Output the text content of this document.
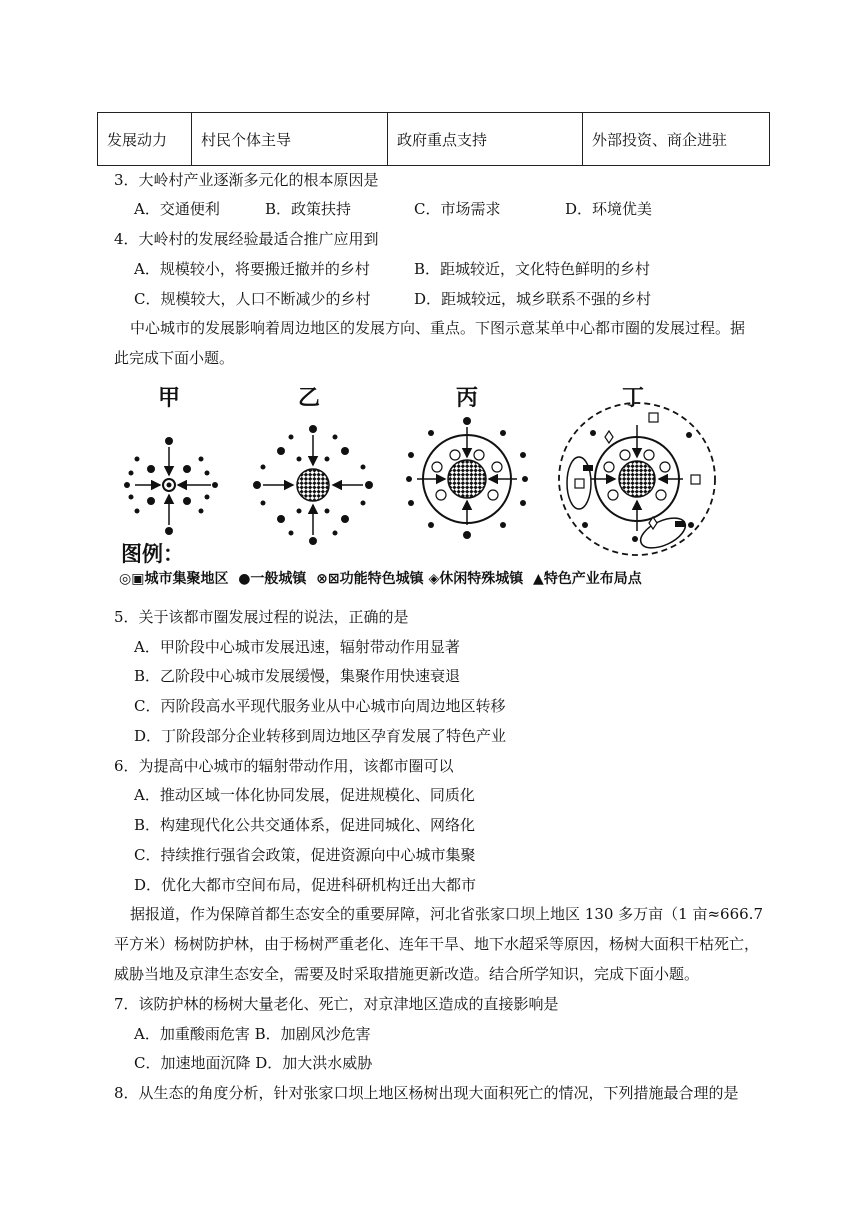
发展动力	村民个体主导	政府重点支持	外部投资、商企进驻
3．大岭村产业逐渐多元化的根本原因是
A．交通便利	B．政策扶持	C．市场需求	D．环境优美
4．大岭村的发展经验最适合推广应用到
A．规模较小，将要搬迁撤并的乡村	B．距城较近，文化特色鲜明的乡村
C．规模较大，人口不断减少的乡村	D．距城较远，城乡联系不强的乡村
中心城市的发展影响着周边地区的发展方向、重点。下图示意某单中心都市圈的发展过程。据
此完成下面小题。
甲	乙	丙	丁
图例：
◎▣城市集聚地区  ●一般城镇  ⊗⊠功能特色城镇 ◈休闲特殊城镇  ▲特色产业布局点
5．关于该都市圈发展过程的说法，正确的是
A．甲阶段中心城市发展迅速，辐射带动作用显著
B．乙阶段中心城市发展缓慢，集聚作用快速衰退
C．丙阶段高水平现代服务业从中心城市向周边地区转移
D．丁阶段部分企业转移到周边地区孕育发展了特色产业
6．为提高中心城市的辐射带动作用，该都市圈可以
A．推动区域一体化协同发展，促进规模化、同质化
B．构建现代化公共交通体系，促进同城化、网络化
C．持续推行强省会政策，促进资源向中心城市集聚
D．优化大都市空间布局，促进科研机构迁出大都市
据报道，作为保障首都生态安全的重要屏障，河北省张家口坝上地区 130 多万亩（1 亩≈666.7
平方米）杨树防护林，由于杨树严重老化、连年干旱、地下水超采等原因，杨树大面积干枯死亡，
威胁当地及京津生态安全，需要及时采取措施更新改造。结合所学知识，完成下面小题。
7．该防护林的杨树大量老化、死亡，对京津地区造成的直接影响是
A．加重酸雨危害 B．加剧风沙危害
C．加速地面沉降 D．加大洪水威胁
8．从生态的角度分析，针对张家口坝上地区杨树出现大面积死亡的情况，下列措施最合理的是
